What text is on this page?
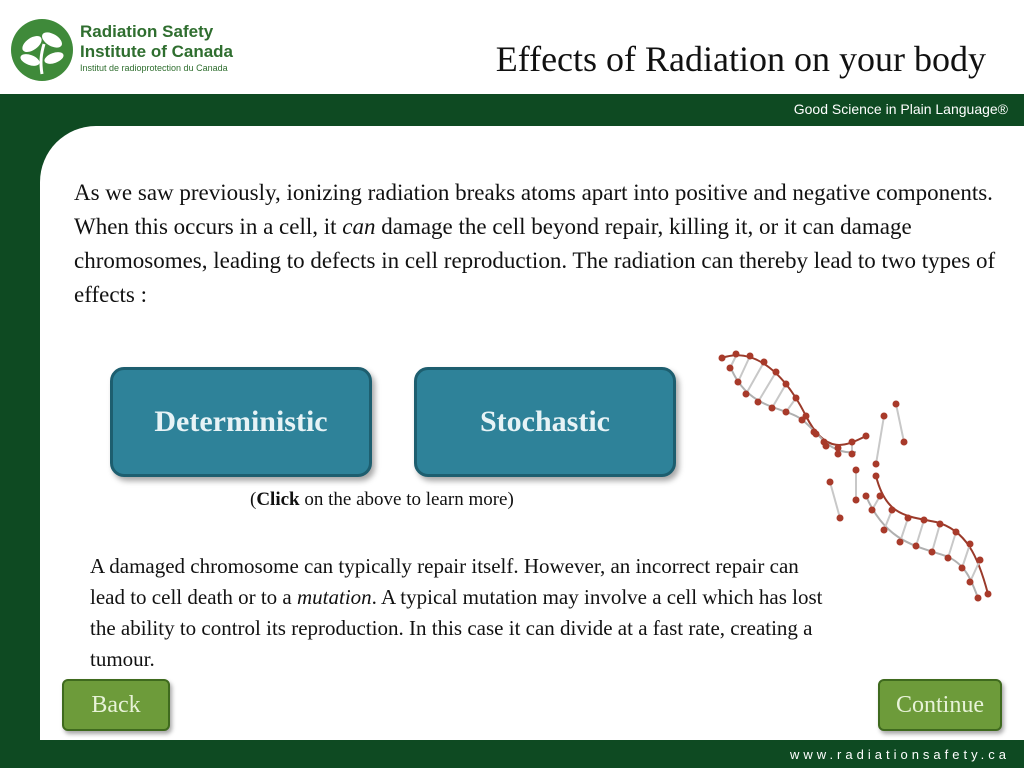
Radiation Safety
Institute of Canada
Institut de radioprotection du Canada	Effects of Radiation on your body
Good Science in Plain Language®
As we saw previously, ionizing radiation breaks atoms apart into positive and negative components. When this occurs in a cell, it can damage the cell beyond repair, killing it, or it can damage chromosomes, leading to defects in cell reproduction. The radiation can thereby lead to two types of effects :
Deterministic	Stochastic
(Click on the above to learn more)
A damaged chromosome can typically repair itself. However, an incorrect repair can lead to cell death or to a mutation. A typical mutation may involve a cell which has lost the ability to control its reproduction. In this case it can divide at a fast rate, creating a tumour.
Back	Continue
www.radiationsafety.ca
